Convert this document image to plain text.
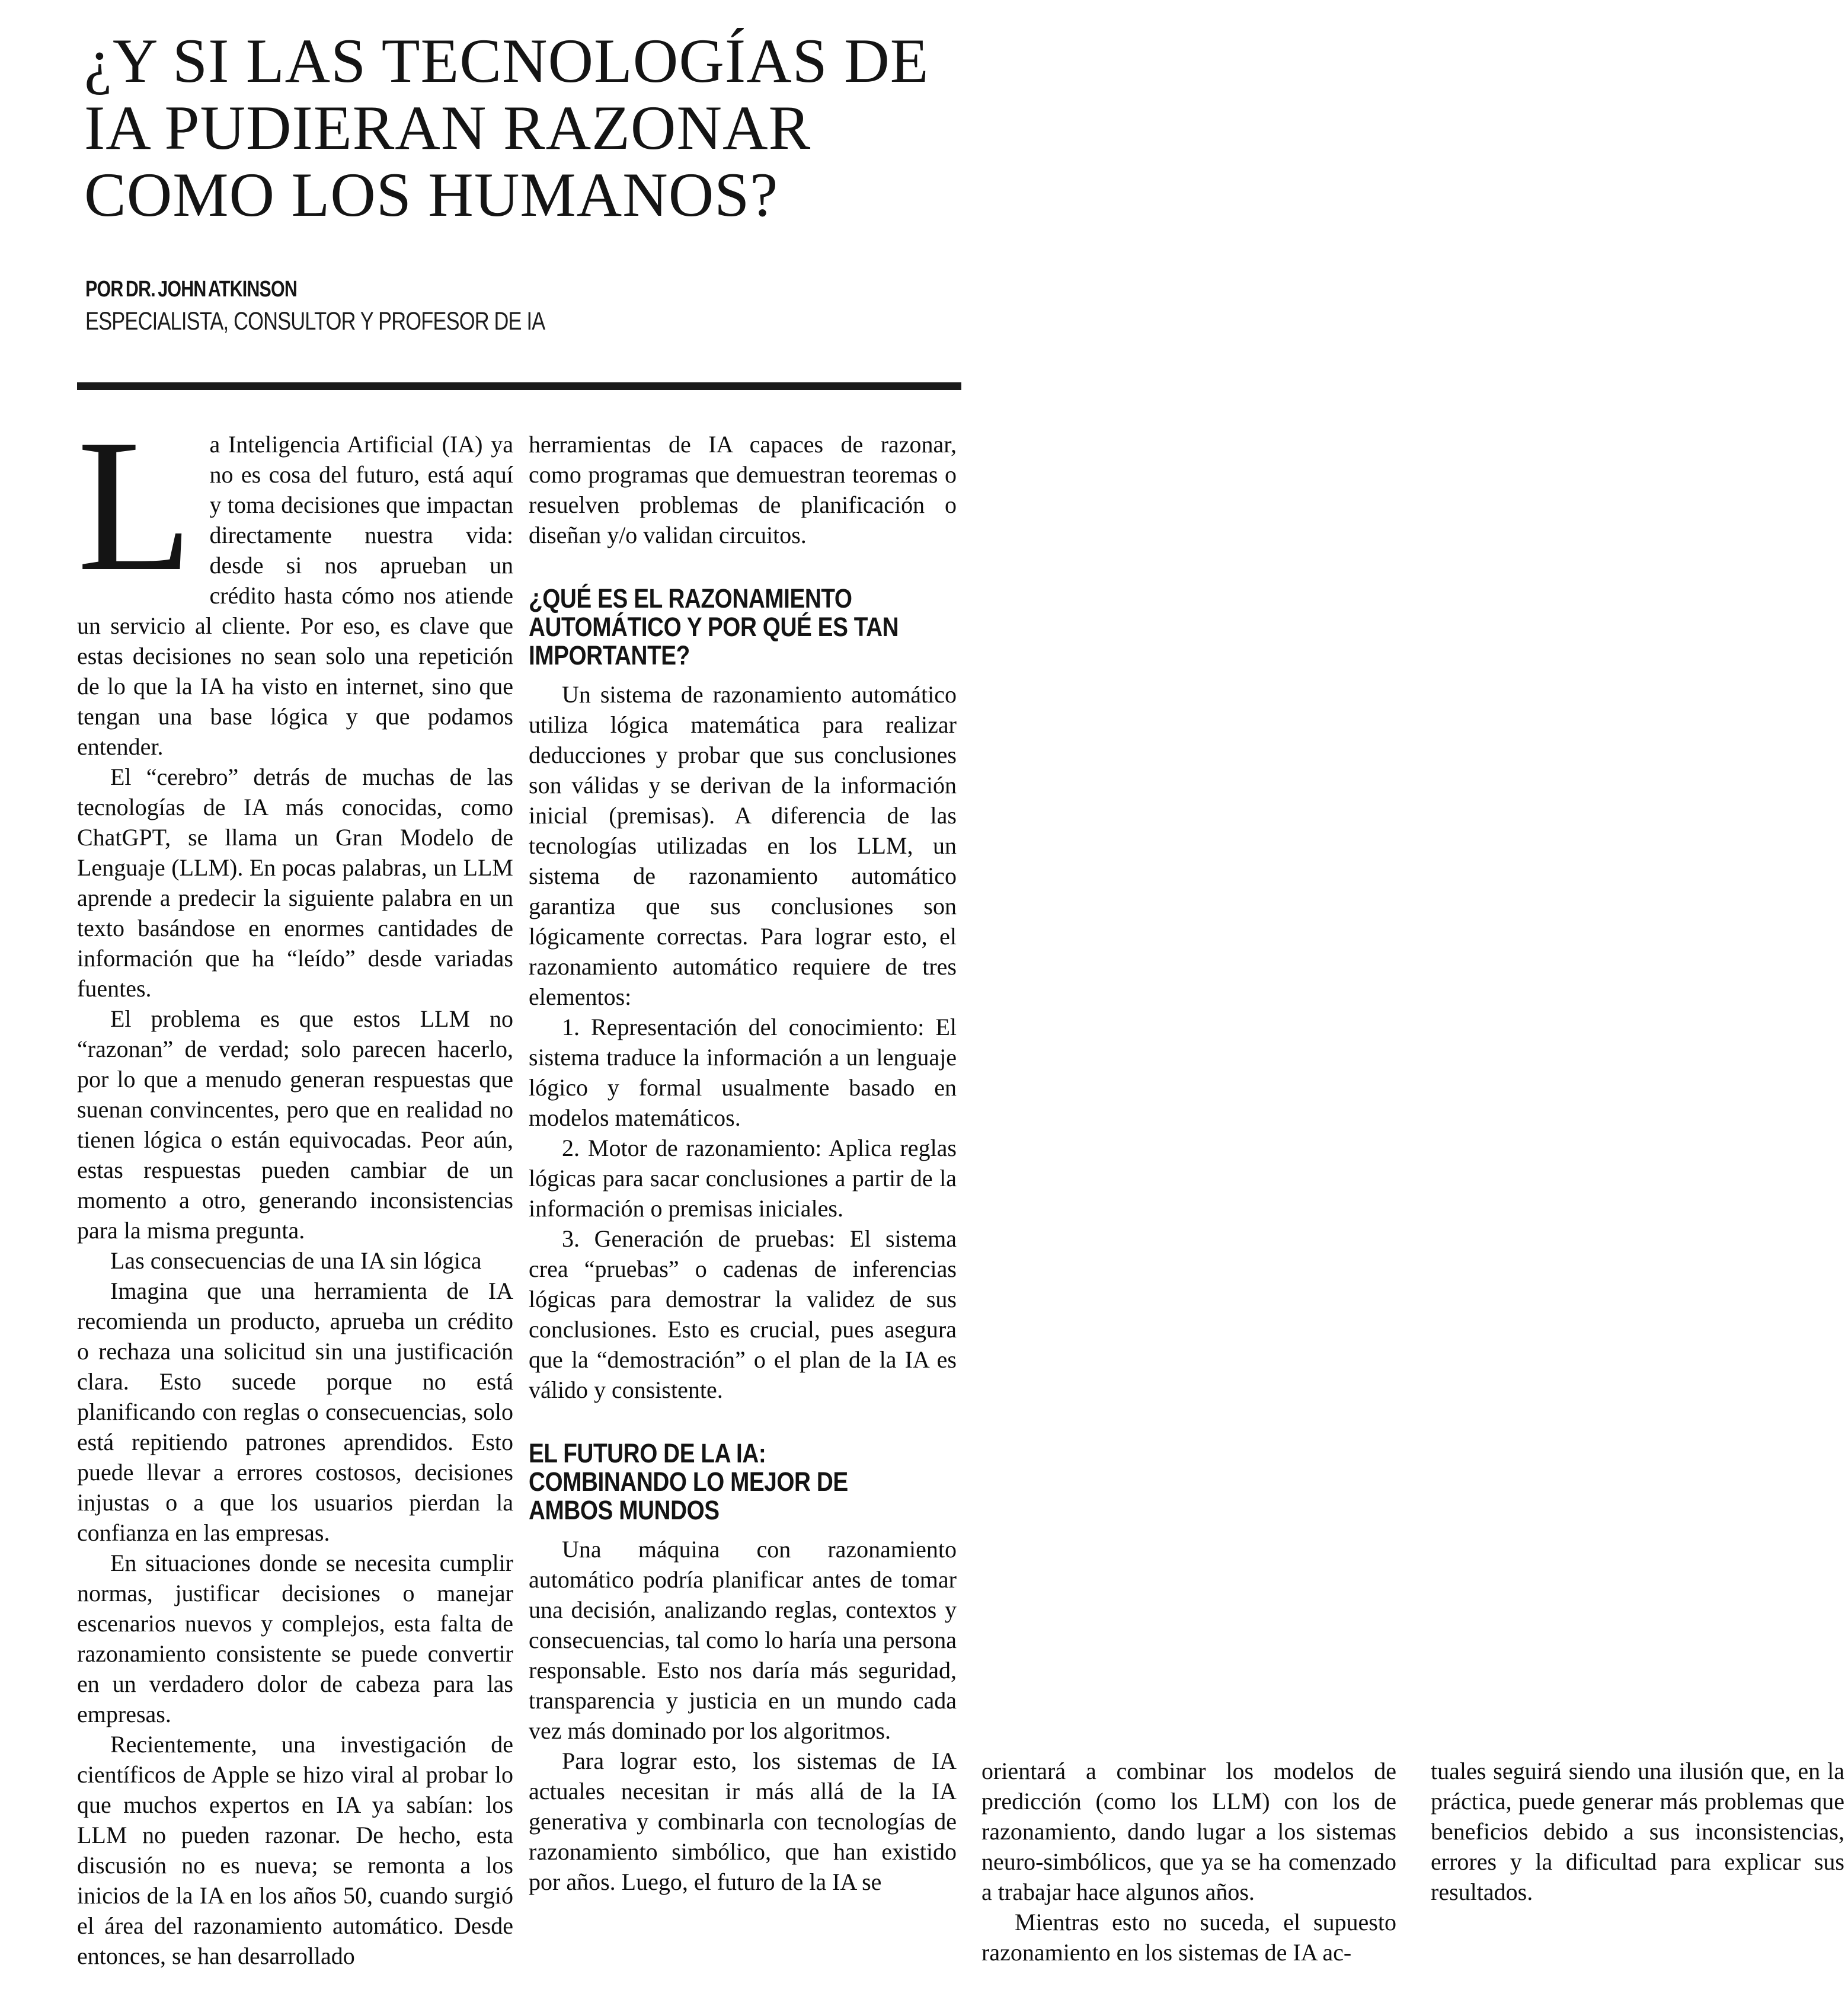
¿Y SI LAS TECNOLOGÍAS DE
IA PUDIERAN RAZONAR
COMO LOS HUMANOS?
POR DR. JOHN ATKINSON
ESPECIALISTA, CONSULTOR Y PROFESOR DE IA

La Inteligencia Artificial (IA) ya no es cosa del futuro, está aquí y toma decisiones que impactan directamente nuestra vida: desde si nos aprueban un crédito hasta cómo nos atiende un servicio al cliente. Por eso, es clave que estas decisiones no sean solo una repetición de lo que la IA ha visto en internet, sino que tengan una base lógica y que podamos entender.

El “cerebro” detrás de muchas de las tecnologías de IA más conocidas, como ChatGPT, se llama un Gran Modelo de Lenguaje (LLM). En pocas palabras, un LLM aprende a predecir la siguiente palabra en un texto basándose en enormes cantidades de información que ha “leído” desde variadas fuentes.

El problema es que estos LLM no “razonan” de verdad; solo parecen hacerlo, por lo que a menudo generan respuestas que suenan convincentes, pero que en realidad no tienen lógica o están equivocadas. Peor aún, estas respuestas pueden cambiar de un momento a otro, generando inconsistencias para la misma pregunta.

Las consecuencias de una IA sin lógica

Imagina que una herramienta de IA recomienda un producto, aprueba un crédito o rechaza una solicitud sin una justificación clara. Esto sucede porque no está planificando con reglas o consecuencias, solo está repitiendo patrones aprendidos. Esto puede llevar a errores costosos, decisiones injustas o a que los usuarios pierdan la confianza en las empresas.

En situaciones donde se necesita cumplir normas, justificar decisiones o manejar escenarios nuevos y complejos, esta falta de razonamiento consistente se puede convertir en un verdadero dolor de cabeza para las empresas.

Recientemente, una investigación de científicos de Apple se hizo viral al probar lo que muchos expertos en IA ya sabían: los LLM no pueden razonar. De hecho, esta discusión no es nueva; se remonta a los inicios de la IA en los años 50, cuando surgió el área del razonamiento automático. Desde entonces, se han desarrollado

herramientas de IA capaces de razonar, como programas que demuestran teoremas o resuelven problemas de planificación o diseñan y/o validan circuitos.

¿QUÉ ES EL RAZONAMIENTO
AUTOMÁTICO Y POR QUÉ ES TAN
IMPORTANTE?

Un sistema de razonamiento automático utiliza lógica matemática para realizar deducciones y probar que sus conclusiones son válidas y se derivan de la información inicial (premisas). A diferencia de las tecnologías utilizadas en los LLM, un sistema de razonamiento automático garantiza que sus conclusiones son lógicamente correctas. Para lograr esto, el razonamiento automático requiere de tres elementos:

1. Representación del conocimiento: El sistema traduce la información a un lenguaje lógico y formal usualmente basado en modelos matemáticos.

2. Motor de razonamiento: Aplica reglas lógicas para sacar conclusiones a partir de la información o premisas iniciales.

3. Generación de pruebas: El sistema crea “pruebas” o cadenas de inferencias lógicas para demostrar la validez de sus conclusiones. Esto es crucial, pues asegura que la “demostración” o el plan de la IA es válido y consistente.

EL FUTURO DE LA IA:
COMBINANDO LO MEJOR DE
AMBOS MUNDOS

Una máquina con razonamiento automático podría planificar antes de tomar una decisión, analizando reglas, contextos y consecuencias, tal como lo haría una persona responsable. Esto nos daría más seguridad, transparencia y justicia en un mundo cada vez más dominado por los algoritmos.

Para lograr esto, los sistemas de IA actuales necesitan ir más allá de la IA generativa y combinarla con tecnologías de razonamiento simbólico, que han existido por años. Luego, el futuro de la IA se

orientará a combinar los modelos de predicción (como los LLM) con los de razonamiento, dando lugar a los sistemas neuro-simbólicos, que ya se ha comenzado a trabajar hace algunos años.

Mientras esto no suceda, el supuesto razonamiento en los sistemas de IA ac-

tuales seguirá siendo una ilusión que, en la práctica, puede generar más problemas que beneficios debido a sus inconsistencias, errores y la dificultad para explicar sus resultados.
